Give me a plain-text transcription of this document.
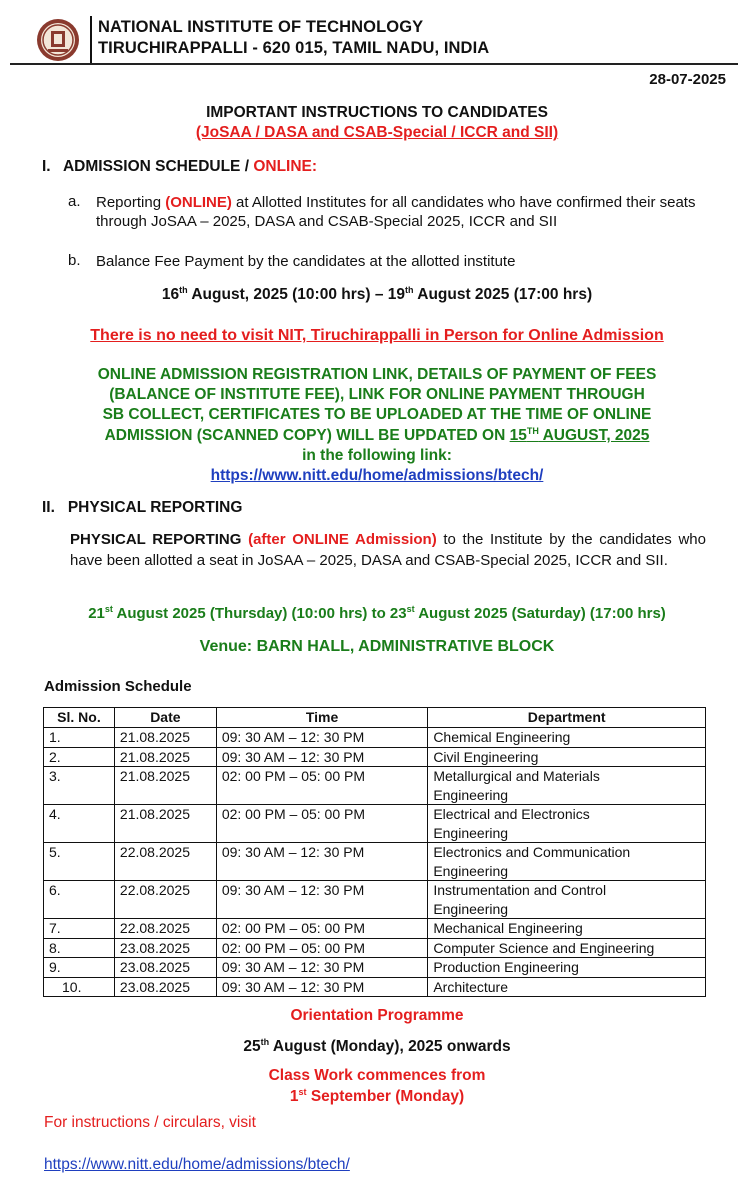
NATIONAL INSTITUTE OF TECHNOLOGY
TIRUCHIRAPPALLI - 620 015, TAMIL NADU, INDIA
28-07-2025
IMPORTANT INSTRUCTIONS TO CANDIDATES
(JoSAA / DASA and CSAB-Special / ICCR and SII)
I. ADMISSION SCHEDULE / ONLINE:
a. Reporting (ONLINE) at Allotted Institutes for all candidates who have confirmed their seats through JoSAA – 2025, DASA and CSAB-Special 2025, ICCR and SII
b. Balance Fee Payment by the candidates at the allotted institute
16th August, 2025 (10:00 hrs) – 19th August 2025 (17:00 hrs)
There is no need to visit NIT, Tiruchirappalli in Person for Online Admission
ONLINE ADMISSION REGISTRATION LINK, DETAILS OF PAYMENT OF FEES
(BALANCE OF INSTITUTE FEE), LINK FOR ONLINE PAYMENT THROUGH
SB COLLECT, CERTIFICATES TO BE UPLOADED AT THE TIME OF ONLINE
ADMISSION (SCANNED COPY) WILL BE UPDATED ON 15TH AUGUST, 2025
in the following link:
https://www.nitt.edu/home/admissions/btech/
II. PHYSICAL REPORTING
PHYSICAL REPORTING (after ONLINE Admission) to the Institute by the candidates who have been allotted a seat in JoSAA – 2025, DASA and CSAB-Special 2025, ICCR and SII.
21st August 2025 (Thursday) (10:00 hrs) to 23st August 2025 (Saturday) (17:00 hrs)
Venue: BARN HALL, ADMINISTRATIVE BLOCK
Admission Schedule
Sl. No.	Date	Time	Department
1.	21.08.2025	09: 30 AM – 12: 30 PM	Chemical Engineering
2.	21.08.2025	09: 30 AM – 12: 30 PM	Civil Engineering
3.	21.08.2025	02: 00 PM – 05: 00 PM	Metallurgical and Materials Engineering
4.	21.08.2025	02: 00 PM – 05: 00 PM	Electrical and Electronics Engineering
5.	22.08.2025	09: 30 AM – 12: 30 PM	Electronics and Communication Engineering
6.	22.08.2025	09: 30 AM – 12: 30 PM	Instrumentation and Control Engineering
7.	22.08.2025	02: 00 PM – 05: 00 PM	Mechanical Engineering
8.	23.08.2025	02: 00 PM – 05: 00 PM	Computer Science and Engineering
9.	23.08.2025	09: 30 AM – 12: 30 PM	Production Engineering
10.	23.08.2025	09: 30 AM – 12: 30 PM	Architecture
Orientation Programme
25th August (Monday), 2025 onwards
Class Work commences from
1st September (Monday)
For instructions / circulars, visit
https://www.nitt.edu/home/admissions/btech/
